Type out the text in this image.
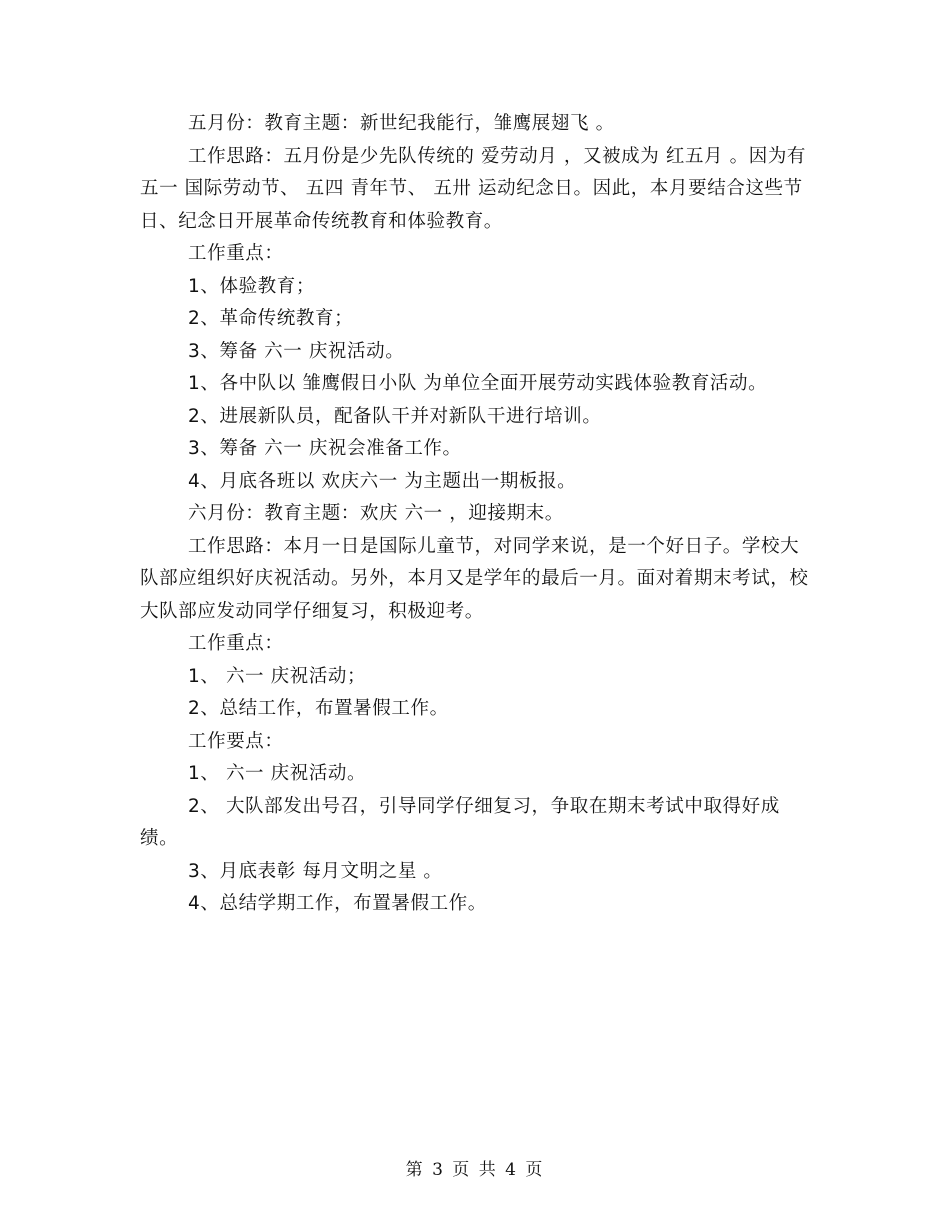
五月份：教育主题：新世纪我能行，雏鹰展翅飞 。

工作思路：五月份是少先队传统的 爱劳动月 ，又被成为 红五月 。因为有 五一 国际劳动节、 五四 青年节、 五卅 运动纪念日。因此，本月要结合这些节日、纪念日开展革命传统教育和体验教育。

工作重点：

1、体验教育；

2、革命传统教育；

3、筹备 六一 庆祝活动。

1、各中队以 雏鹰假日小队 为单位全面开展劳动实践体验教育活动。

2、进展新队员，配备队干并对新队干进行培训。

3、筹备 六一 庆祝会准备工作。

4、月底各班以 欢庆六一 为主题出一期板报。

六月份：教育主题：欢庆 六一 ，迎接期末。

工作思路：本月一日是国际儿童节，对同学来说，是一个好日子。学校大队部应组织好庆祝活动。另外，本月又是学年的最后一月。面对着期末考试，校大队部应发动同学仔细复习，积极迎考。

工作重点：

1、 六一 庆祝活动；

2、总结工作，布置暑假工作。

工作要点：

1、 六一 庆祝活动。

2、 大队部发出号召，引导同学仔细复习，争取在期末考试中取得好成绩。

3、月底表彰 每月文明之星 。

4、总结学期工作，布置暑假工作。

第 3 页 共 4 页
